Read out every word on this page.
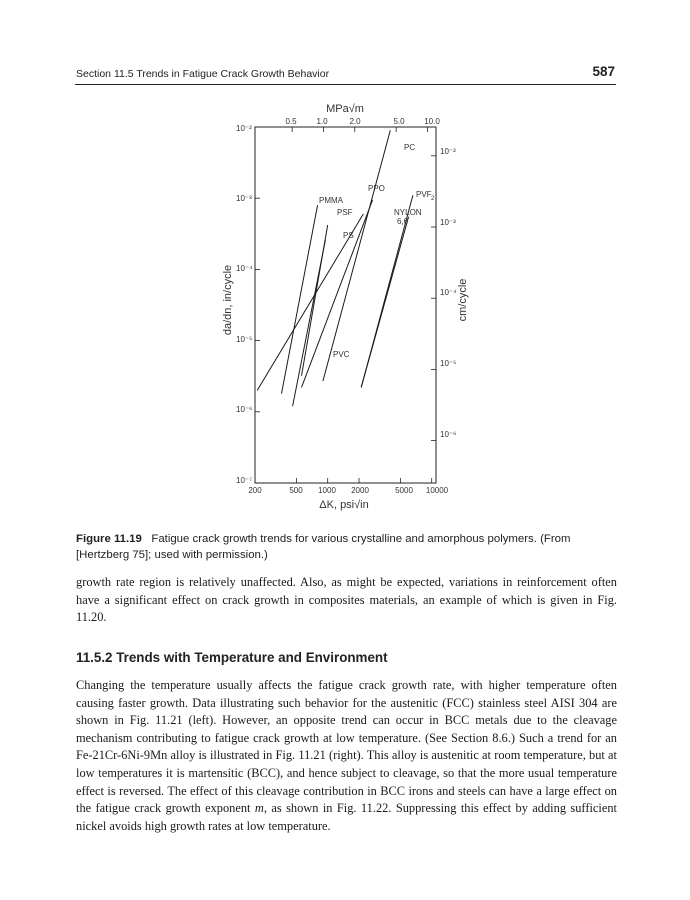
Section 11.5 Trends in Fatigue Crack Growth Behavior	587
0.5 1.0	2.0	5.0 10.0
MPa√m
200	500 1000 2000	5000 10000
ΔK, psi√in
10⁻²
10⁻³
10⁻⁴
10⁻⁵
10⁻⁶
10⁻⁷
da/dn, in/cycle
10⁻²
10⁻³
10⁻⁴
10⁻⁵
10⁻⁶
cm/cycle
PMMA
PSF
PS
PVC
PPO
PC
NYLON
6,6
PVF 2
Figure 11.19 Fatigue crack growth trends for various crystalline and amorphous polymers. (From [Hertzberg 75]; used with permission.)
growth rate region is relatively unaffected. Also, as might be expected, variations in reinforcement often have a significant effect on crack growth in composites materials, an example of which is given in Fig. 11.20.
11.5.2 Trends with Temperature and Environment
Changing the temperature usually affects the fatigue crack growth rate, with higher temperature often causing faster growth. Data illustrating such behavior for the austenitic (FCC) stainless steel AISI 304 are shown in Fig. 11.21 (left). However, an opposite trend can occur in BCC metals due to the cleavage mechanism contributing to fatigue crack growth at low temperature. (See Section 8.6.) Such a trend for an Fe-21Cr-6Ni-9Mn alloy is illustrated in Fig. 11.21 (right). This alloy is austenitic at room temperature, but at low temperatures it is martensitic (BCC), and hence subject to cleavage, so that the more usual temperature effect is reversed. The effect of this cleavage contribution in BCC irons and steels can have a large effect on the fatigue crack growth exponent m, as shown in Fig. 11.22. Suppressing this effect by adding sufficient nickel avoids high growth rates at low temperature.
